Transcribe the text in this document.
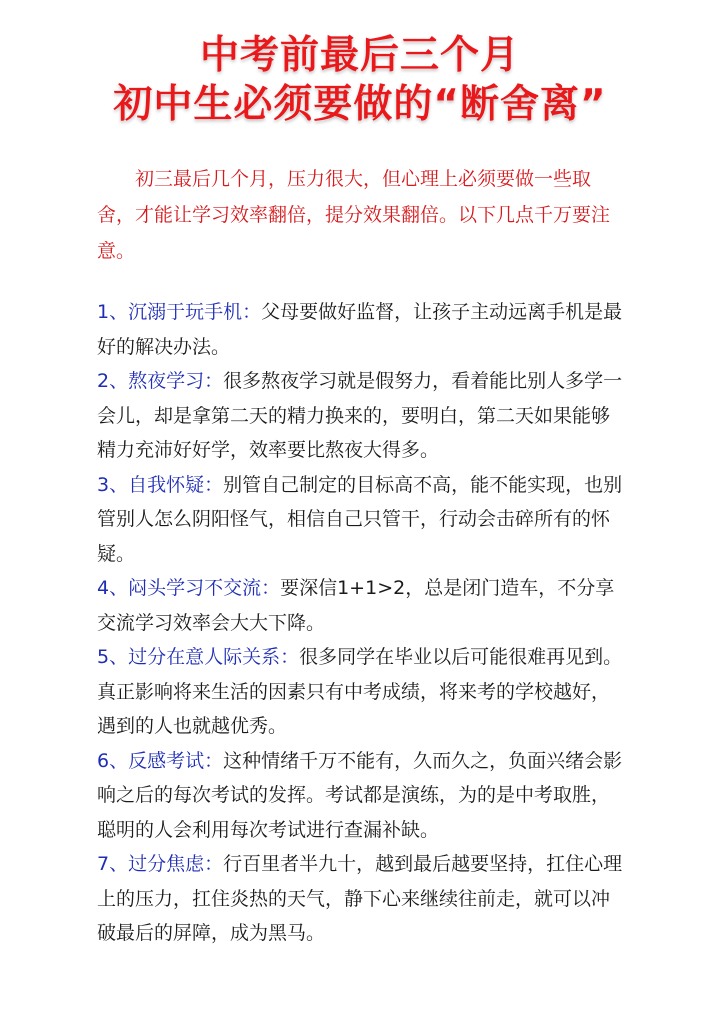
中考前最后三个月
初中生必须要做的“断舍离”

初三最后几个月，压力很大，但心理上必须要做一些取舍，才能让学习效率翻倍，提分效果翻倍。以下几点千万要注意。

1、沉溺于玩手机：父母要做好监督，让孩子主动远离手机是最好的解决办法。
2、熬夜学习：很多熬夜学习就是假努力，看着能比别人多学一会儿，却是拿第二天的精力换来的，要明白，第二天如果能够精力充沛好好学，效率要比熬夜大得多。
3、自我怀疑：别管自己制定的目标高不高，能不能实现，也别管别人怎么阴阳怪气，相信自己只管干，行动会击碎所有的怀疑。
4、闷头学习不交流：要深信1+1>2，总是闭门造车，不分享交流学习效率会大大下降。
5、过分在意人际关系：很多同学在毕业以后可能很难再见到。真正影响将来生活的因素只有中考成绩，将来考的学校越好，遇到的人也就越优秀。
6、反感考试：这种情绪千万不能有，久而久之，负面兴绪会影响之后的每次考试的发挥。考试都是演练，为的是中考取胜，聪明的人会利用每次考试进行查漏补缺。
7、过分焦虑：行百里者半九十，越到最后越要坚持，扛住心理上的压力，扛住炎热的天气，静下心来继续往前走，就可以冲破最后的屏障，成为黑马。
